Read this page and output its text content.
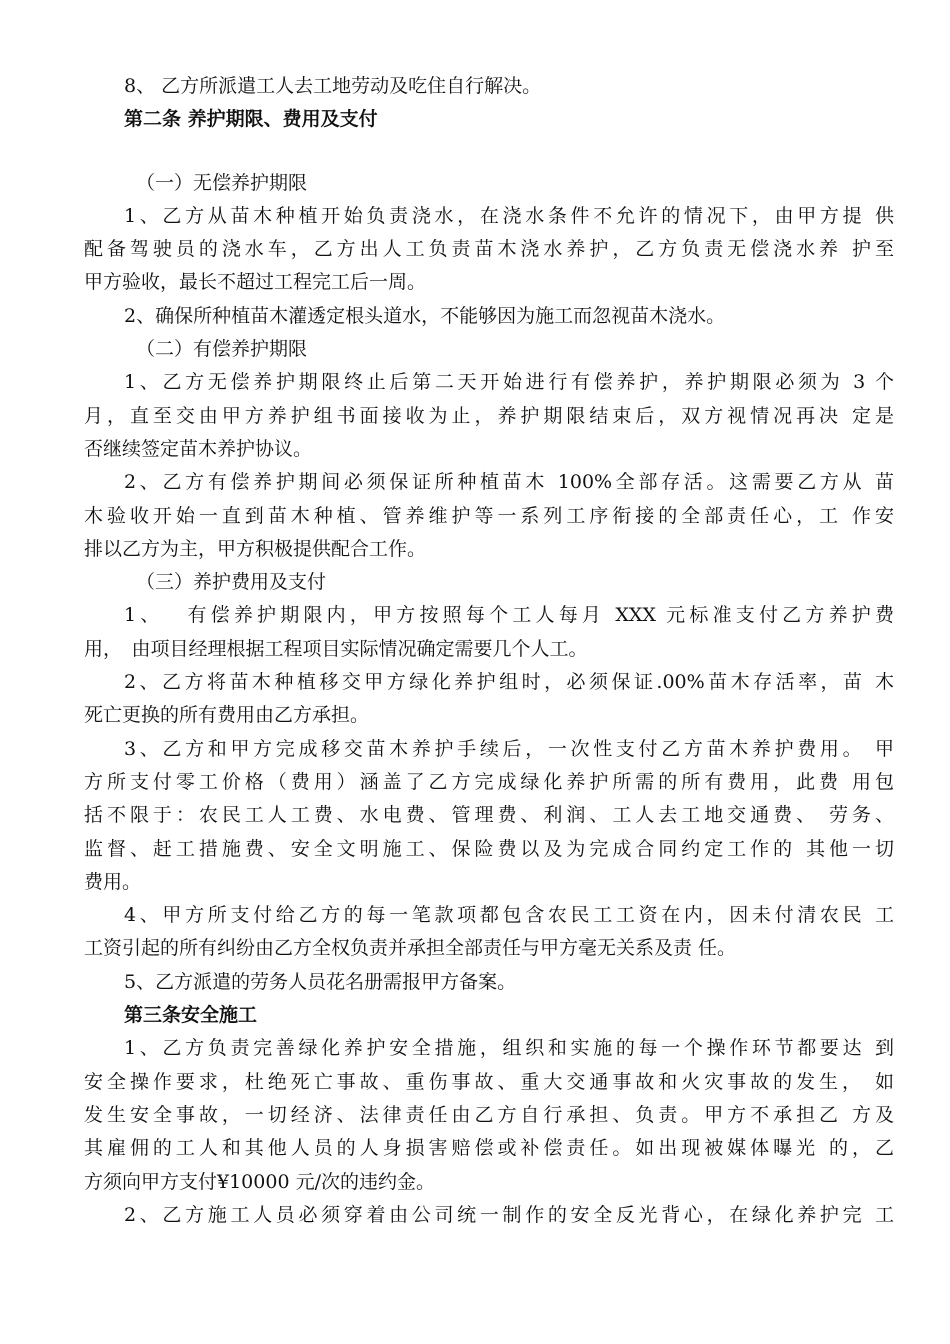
8、 乙方所派遣工人去工地劳动及吃住自行解决。
第二条 养护期限、费用及支付
（一）无偿养护期限
1、乙方从苗木种植开始负责浇水，在浇水条件不允许的情况下，由甲方提 供
配备驾驶员的浇水车，乙方出人工负责苗木浇水养护，乙方负责无偿浇水养 护至
甲方验收，最长不超过工程完工后一周。
2、确保所种植苗木灌透定根头道水，不能够因为施工而忽视苗木浇水。
（二）有偿养护期限
1、乙方无偿养护期限终止后第二天开始进行有偿养护，养护期限必须为 3 个
月，直至交由甲方养护组书面接收为止，养护期限结束后，双方视情况再决 定是
否继续签定苗木养护协议。
2、乙方有偿养护期间必须保证所种植苗木 100%全部存活。这需要乙方从 苗
木验收开始一直到苗木种植、管养维护等一系列工序衔接的全部责任心，工 作安
排以乙方为主，甲方积极提供配合工作。
（三）养护费用及支付
1、　 有偿养护期限内，甲方按照每个工人每月 XXX 元标准支付乙方养护费
用，　由项目经理根据工程项目实际情况确定需要几个人工。
2、乙方将苗木种植移交甲方绿化养护组时，必须保证.00%苗木存活率，苗 木
死亡更换的所有费用由乙方承担。
3、乙方和甲方完成移交苗木养护手续后，一次性支付乙方苗木养护费用。 甲
方所支付零工价格（费用）涵盖了乙方完成绿化养护所需的所有费用，此费 用包
括不限于：农民工人工费、水电费、管理费、利润、工人去工地交通费、 劳务、
监督、赶工措施费、安全文明施工、保险费以及为完成合同约定工作的 其他一切
费用。
4、甲方所支付给乙方的每一笔款项都包含农民工工资在内，因未付清农民 工
工资引起的所有纠纷由乙方全权负责并承担全部责任与甲方毫无关系及责 任。
5、乙方派遣的劳务人员花名册需报甲方备案。
第三条安全施工
1、乙方负责完善绿化养护安全措施，组织和实施的每一个操作环节都要达 到
安全操作要求，杜绝死亡事故、重伤事故、重大交通事故和火灾事故的发生， 如
发生安全事故，一切经济、法律责任由乙方自行承担、负责。甲方不承担乙 方及
其雇佣的工人和其他人员的人身损害赔偿或补偿责任。如出现被媒体曝光 的，乙
方须向甲方支付¥10000 元/次的违约金。
2、乙方施工人员必须穿着由公司统一制作的安全反光背心，在绿化养护完 工
